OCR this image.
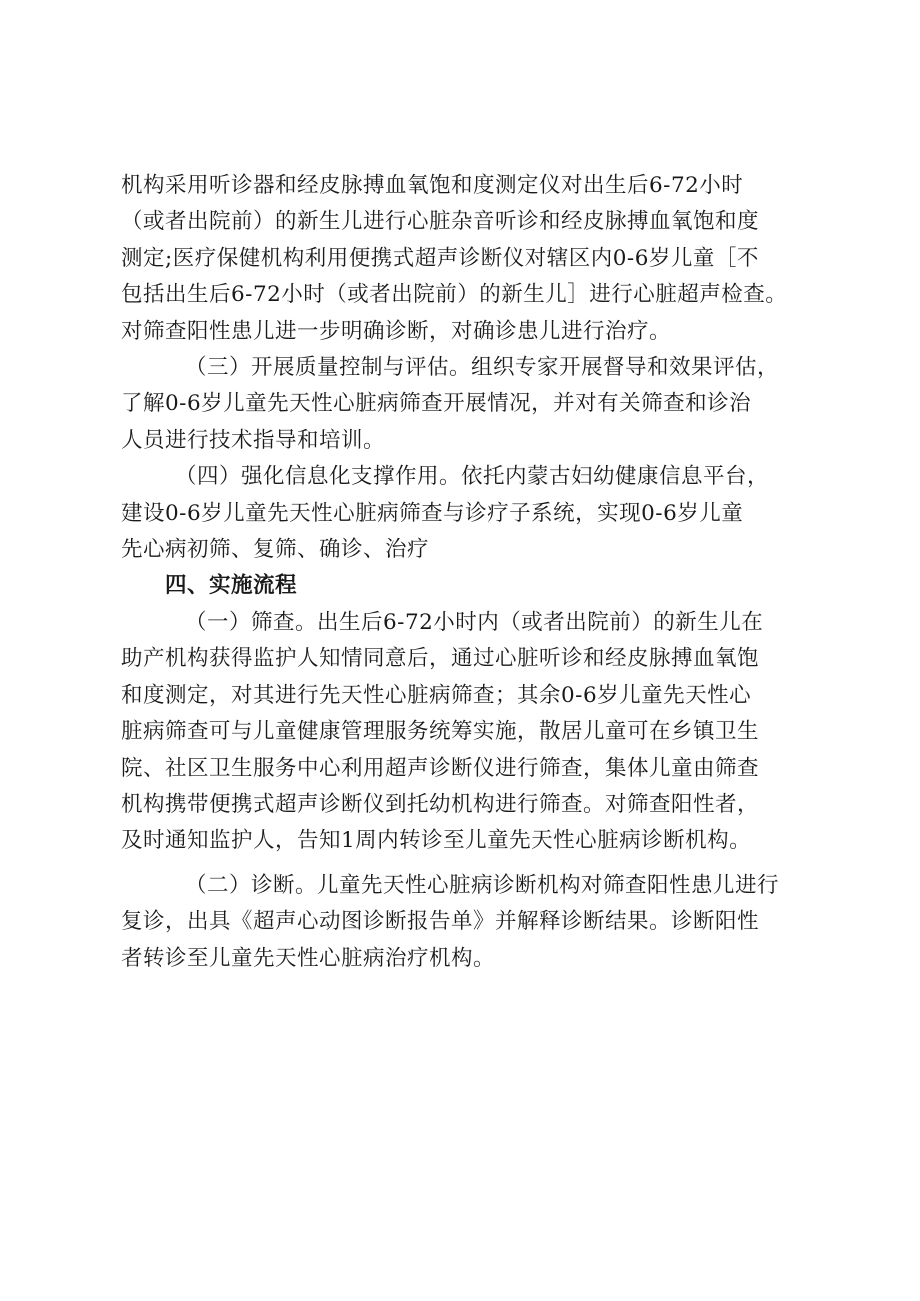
机构采用听诊器和经皮脉搏血氧饱和度测定仪对出生后6-72小时
（或者出院前）的新生儿进行心脏杂音听诊和经皮脉搏血氧饱和度
测定;医疗保健机构利用便携式超声诊断仪对辖区内0-6岁儿童［不
包括出生后6-72小时（或者出院前）的新生儿］进行心脏超声检查。
对筛查阳性患儿进一步明确诊断，对确诊患儿进行治疗。

（三）开展质量控制与评估。组织专家开展督导和效果评估，
了解0-6岁儿童先天性心脏病筛查开展情况，并对有关筛查和诊治
人员进行技术指导和培训。

（四）强化信息化支撑作用。依托内蒙古妇幼健康信息平台，
建设0-6岁儿童先天性心脏病筛查与诊疗子系统，实现0-6岁儿童
先心病初筛、复筛、确诊、治疗

四、实施流程

（一）筛查。出生后6-72小时内（或者出院前）的新生儿在
助产机构获得监护人知情同意后，通过心脏听诊和经皮脉搏血氧饱
和度测定，对其进行先天性心脏病筛查；其余0-6岁儿童先天性心
脏病筛查可与儿童健康管理服务统筹实施，散居儿童可在乡镇卫生
院、社区卫生服务中心利用超声诊断仪进行筛查，集体儿童由筛查
机构携带便携式超声诊断仪到托幼机构进行筛查。对筛查阳性者，
及时通知监护人，告知1周内转诊至儿童先天性心脏病诊断机构。

（二）诊断。儿童先天性心脏病诊断机构对筛查阳性患儿进行
复诊，出具《超声心动图诊断报告单》并解释诊断结果。诊断阳性
者转诊至儿童先天性心脏病治疗机构。
